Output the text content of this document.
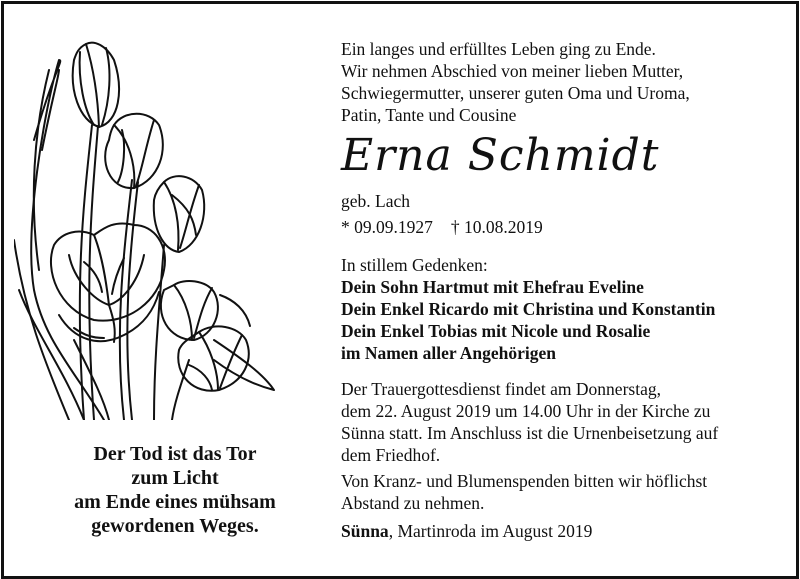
Der Tod ist das Tor
zum Licht
am Ende eines mühsam
gewordenen Weges.
Ein langes und erfülltes Leben ging zu Ende.
Wir nehmen Abschied von meiner lieben Mutter,
Schwiegermutter, unserer guten Oma und Uroma,
Patin, Tante und Cousine
Erna Schmidt
geb. Lach
* 09.09.1927 † 10.08.2019
In stillem Gedenken:
Dein Sohn Hartmut mit Ehefrau Eveline
Dein Enkel Ricardo mit Christina und Konstantin
Dein Enkel Tobias mit Nicole und Rosalie
im Namen aller Angehörigen
Der Trauergottesdienst findet am Donnerstag,
dem 22. August 2019 um 14.00 Uhr in der Kirche zu
Sünna statt. Im Anschluss ist die Urnenbeisetzung auf
dem Friedhof.
Von Kranz- und Blumenspenden bitten wir höflichst
Abstand zu nehmen.
Sünna, Martinroda im August 2019
